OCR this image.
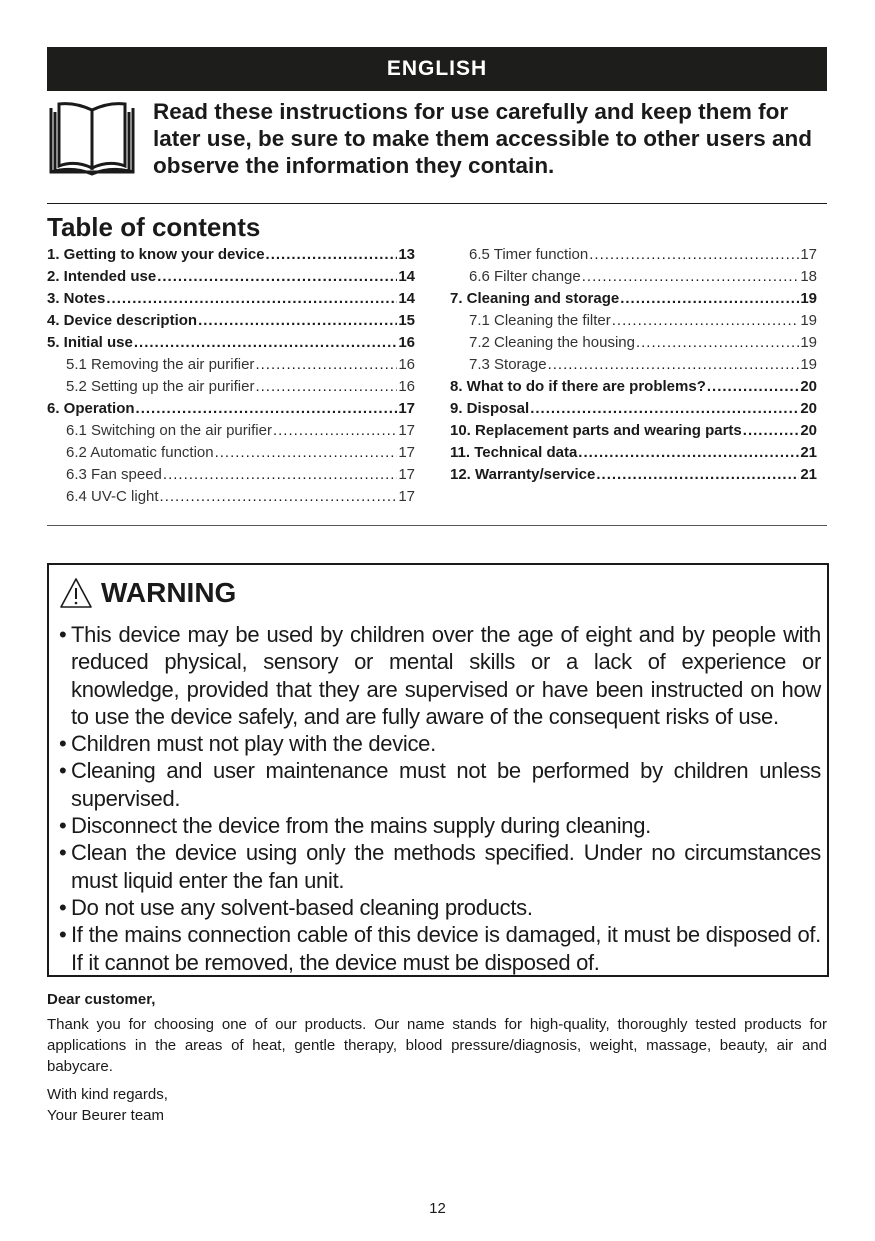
ENGLISH
Read these instructions for use carefully and keep them for later use, be sure to make them accessible to other users and observe the information they contain.
Table of contents
1. Getting to know your device .....	13
2. Intended use .....	14
3. Notes .....	14
4. Device description .....	15
5. Initial use .....	16
5.1 Removing the air purifier .....	16
5.2 Setting up the air purifier .....	16
6. Operation .....	17
6.1 Switching on the air purifier .....	17
6.2 Automatic function .....	17
6.3 Fan speed .....	17
6.4 UV-C light .....	17
6.5 Timer function .....	17
6.6 Filter change .....	18
7. Cleaning and storage .....	19
7.1 Cleaning the filter .....	19
7.2 Cleaning the housing .....	19
7.3 Storage .....	19
8. What to do if there are problems? .....	20
9. Disposal .....	20
10. Replacement parts and wearing parts .....	20
11. Technical data .....	21
12. Warranty/service .....	21
WARNING
• This device may be used by children over the age of eight and by people with reduced physical, sensory or mental skills or a lack of experience or knowledge, provided that they are supervised or have been instructed on how to use the device safely, and are fully aware of the consequent risks of use.
• Children must not play with the device.
• Cleaning and user maintenance must not be performed by children unless supervised.
• Disconnect the device from the mains supply during cleaning.
• Clean the device using only the methods specified. Under no circumstances must liquid enter the fan unit.
• Do not use any solvent-based cleaning products.
• If the mains connection cable of this device is damaged, it must be disposed of. If it cannot be removed, the device must be disposed of.
Dear customer,
Thank you for choosing one of our products. Our name stands for high-quality, thoroughly tested products for applications in the areas of heat, gentle therapy, blood pressure/diagnosis, weight, massage, beauty, air and babycare.
With kind regards,
Your Beurer team
12
